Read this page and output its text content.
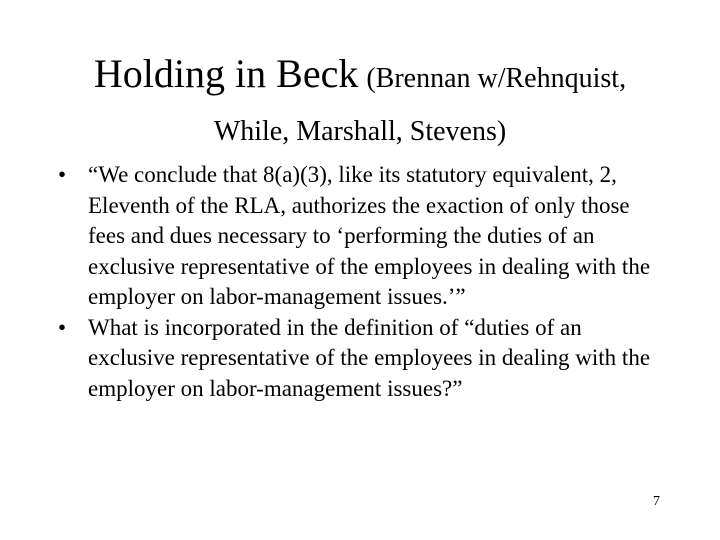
Holding in Beck (Brennan w/Rehnquist,
While, Marshall, Stevens)
• “We conclude that 8(a)(3), like its statutory equivalent, 2, Eleventh of the RLA, authorizes the exaction of only those fees and dues necessary to ‘performing the duties of an exclusive representative of the employees in dealing with the employer on labor-management issues.’”
• What is incorporated in the definition of “duties of an exclusive representative of the employees in dealing with the employer on labor-management issues?”
7
